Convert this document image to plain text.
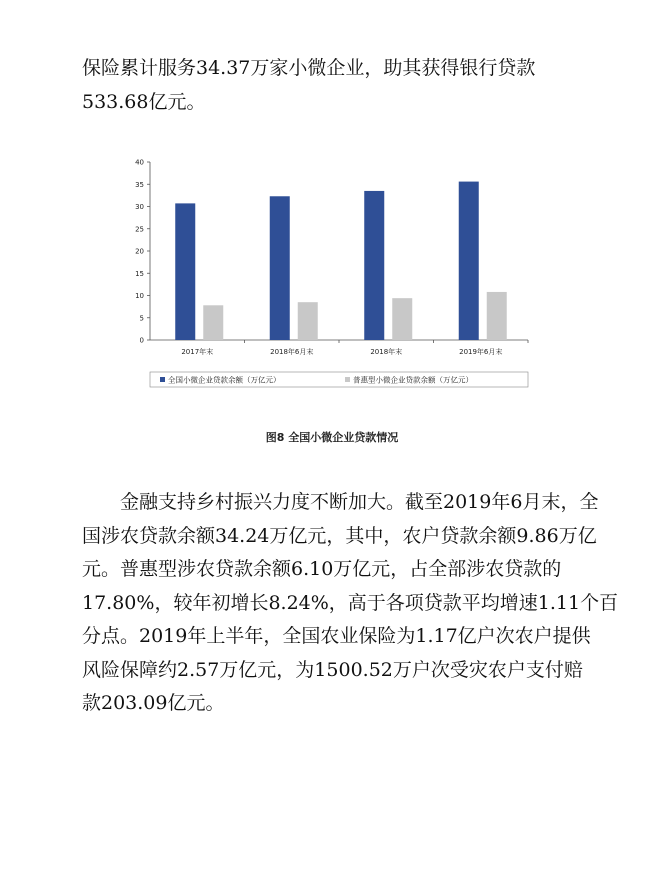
保险累计服务34.37万家小微企业，助其获得银行贷款
533.68亿元。
0
5
10
15
20
25
30
35
40
2017年末	2018年6月末	2018年末	2019年6月末
全国小微企业贷款余额（万亿元）	普惠型小微企业贷款余额（万亿元）
图8 全国小微企业贷款情况
金融支持乡村振兴力度不断加大。截至2019年6月末，全
国涉农贷款余额34.24万亿元，其中，农户贷款余额9.86万亿
元。普惠型涉农贷款余额6.10万亿元，占全部涉农贷款的
17.80%，较年初增长8.24%，高于各项贷款平均增速1.11个百
分点。2019年上半年，全国农业保险为1.17亿户次农户提供
风险保障约2.57万亿元，为1500.52万户次受灾农户支付赔
款203.09亿元。
